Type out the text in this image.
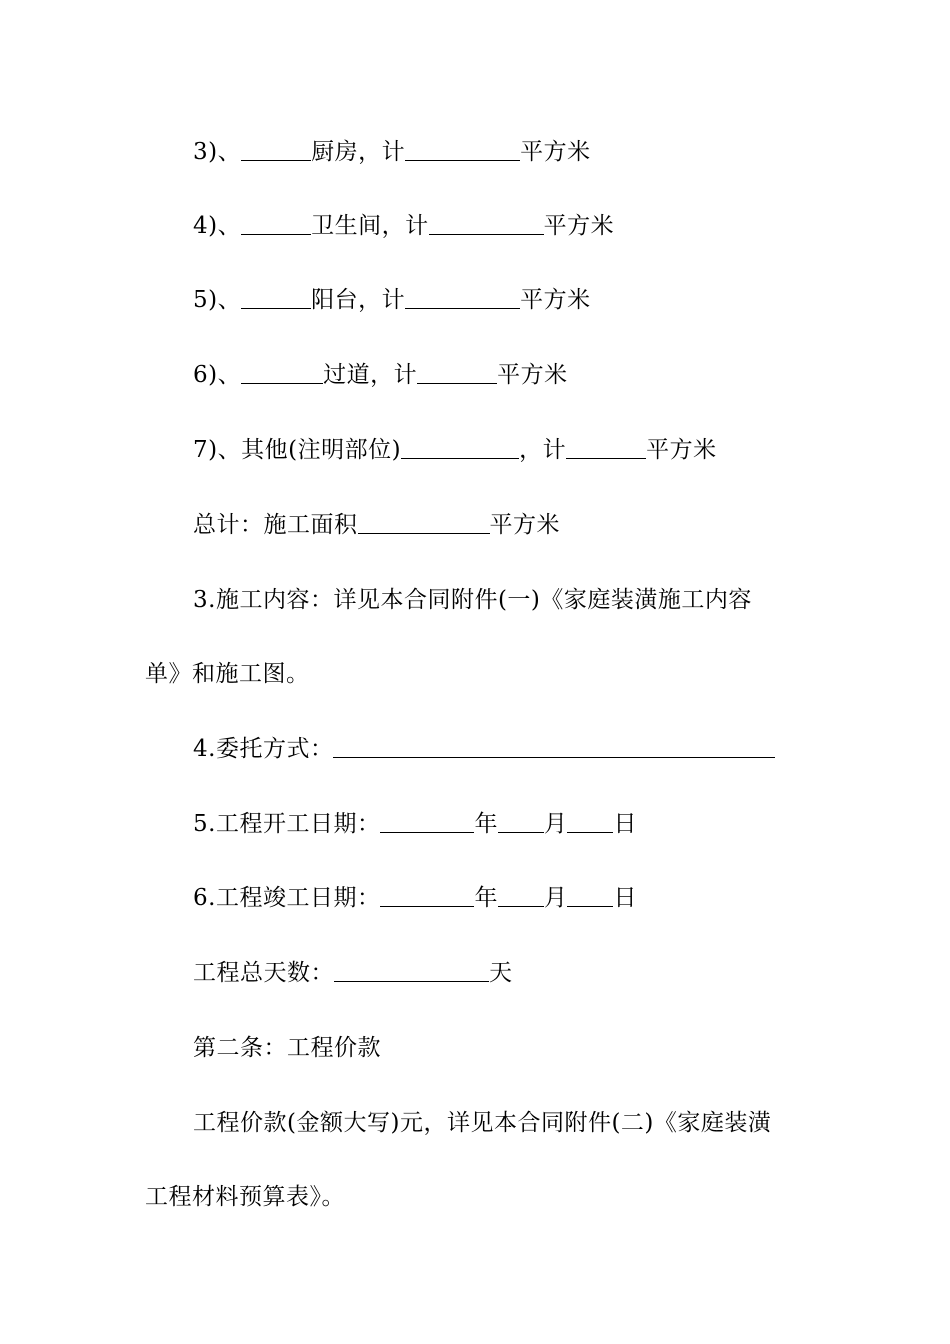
3)、	厨房，计	平方米
4)、	卫生间，计	平方米
5)、	阳台，计	平方米
6)、	过道，计	平方米
7)、其他(注明部位)	，计	平方米
总计：施工面积	平方米
3.施工内容：详见本合同附件(一)《家庭装潢施工内容
单》和施工图。
4.委托方式：
5.工程开工日期：	年 月 日
6.工程竣工日期：	年 月 日
工程总天数：	天
第二条：工程价款
工程价款(金额大写)元，详见本合同附件(二)《家庭装潢
工程材料预算表》。
